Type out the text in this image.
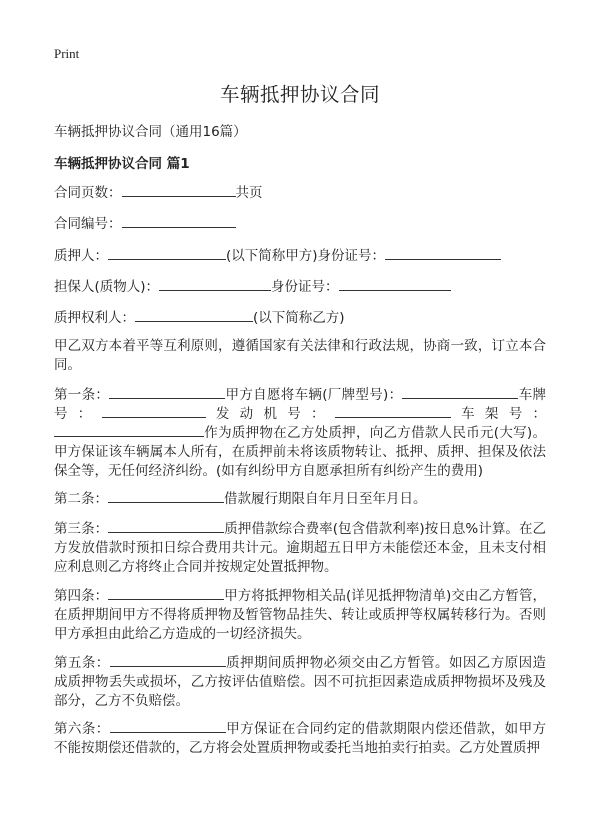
Print
车辆抵押协议合同
车辆抵押协议合同（通用16篇）
车辆抵押协议合同 篇1
合同页数：	共页
合同编号：
质押人：	(以下简称甲方)身份证号：
担保人(质物人)：	身份证号：
质押权利人：	(以下简称乙方)

甲乙双方本着平等互利原则，遵循国家有关法律和行政法规，协商一致，订立本合同。

第一条：	甲方自愿将车辆(厂牌型号)：	车牌号：	发动机号：	车架号：作为质押物在乙方处质押，向乙方借款人民币元(大写)。甲方保证该车辆属本人所有，在质押前未将该质物转让、抵押、质押、担保及依法保全等，无任何经济纠纷。(如有纠纷甲方自愿承担所有纠纷产生的费用)

第二条：	借款履行期限自年月日至年月日。

第三条：	质押借款综合费率(包含借款利率)按日息%计算。在乙方发放借款时预扣日综合费用共计元。逾期超五日甲方未能偿还本金，且未支付相应利息则乙方将终止合同并按规定处置抵押物。

第四条：	甲方将抵押物相关品(详见抵押物清单)交由乙方暂管，在质押期间甲方不得将质押物及暂管物品挂失、转让或质押等权属转移行为。否则甲方承担由此给乙方造成的一切经济损失。

第五条：	质押期间质押物必须交由乙方暂管。如因乙方原因造成质押物丢失或损坏，乙方按评估值赔偿。因不可抗拒因素造成质押物损坏及残及部分，乙方不负赔偿。

第六条：	甲方保证在合同约定的借款期限内偿还借款，如甲方不能按期偿还借款的，乙方将会处置质押物或委托当地拍卖行拍卖。乙方处置质押
